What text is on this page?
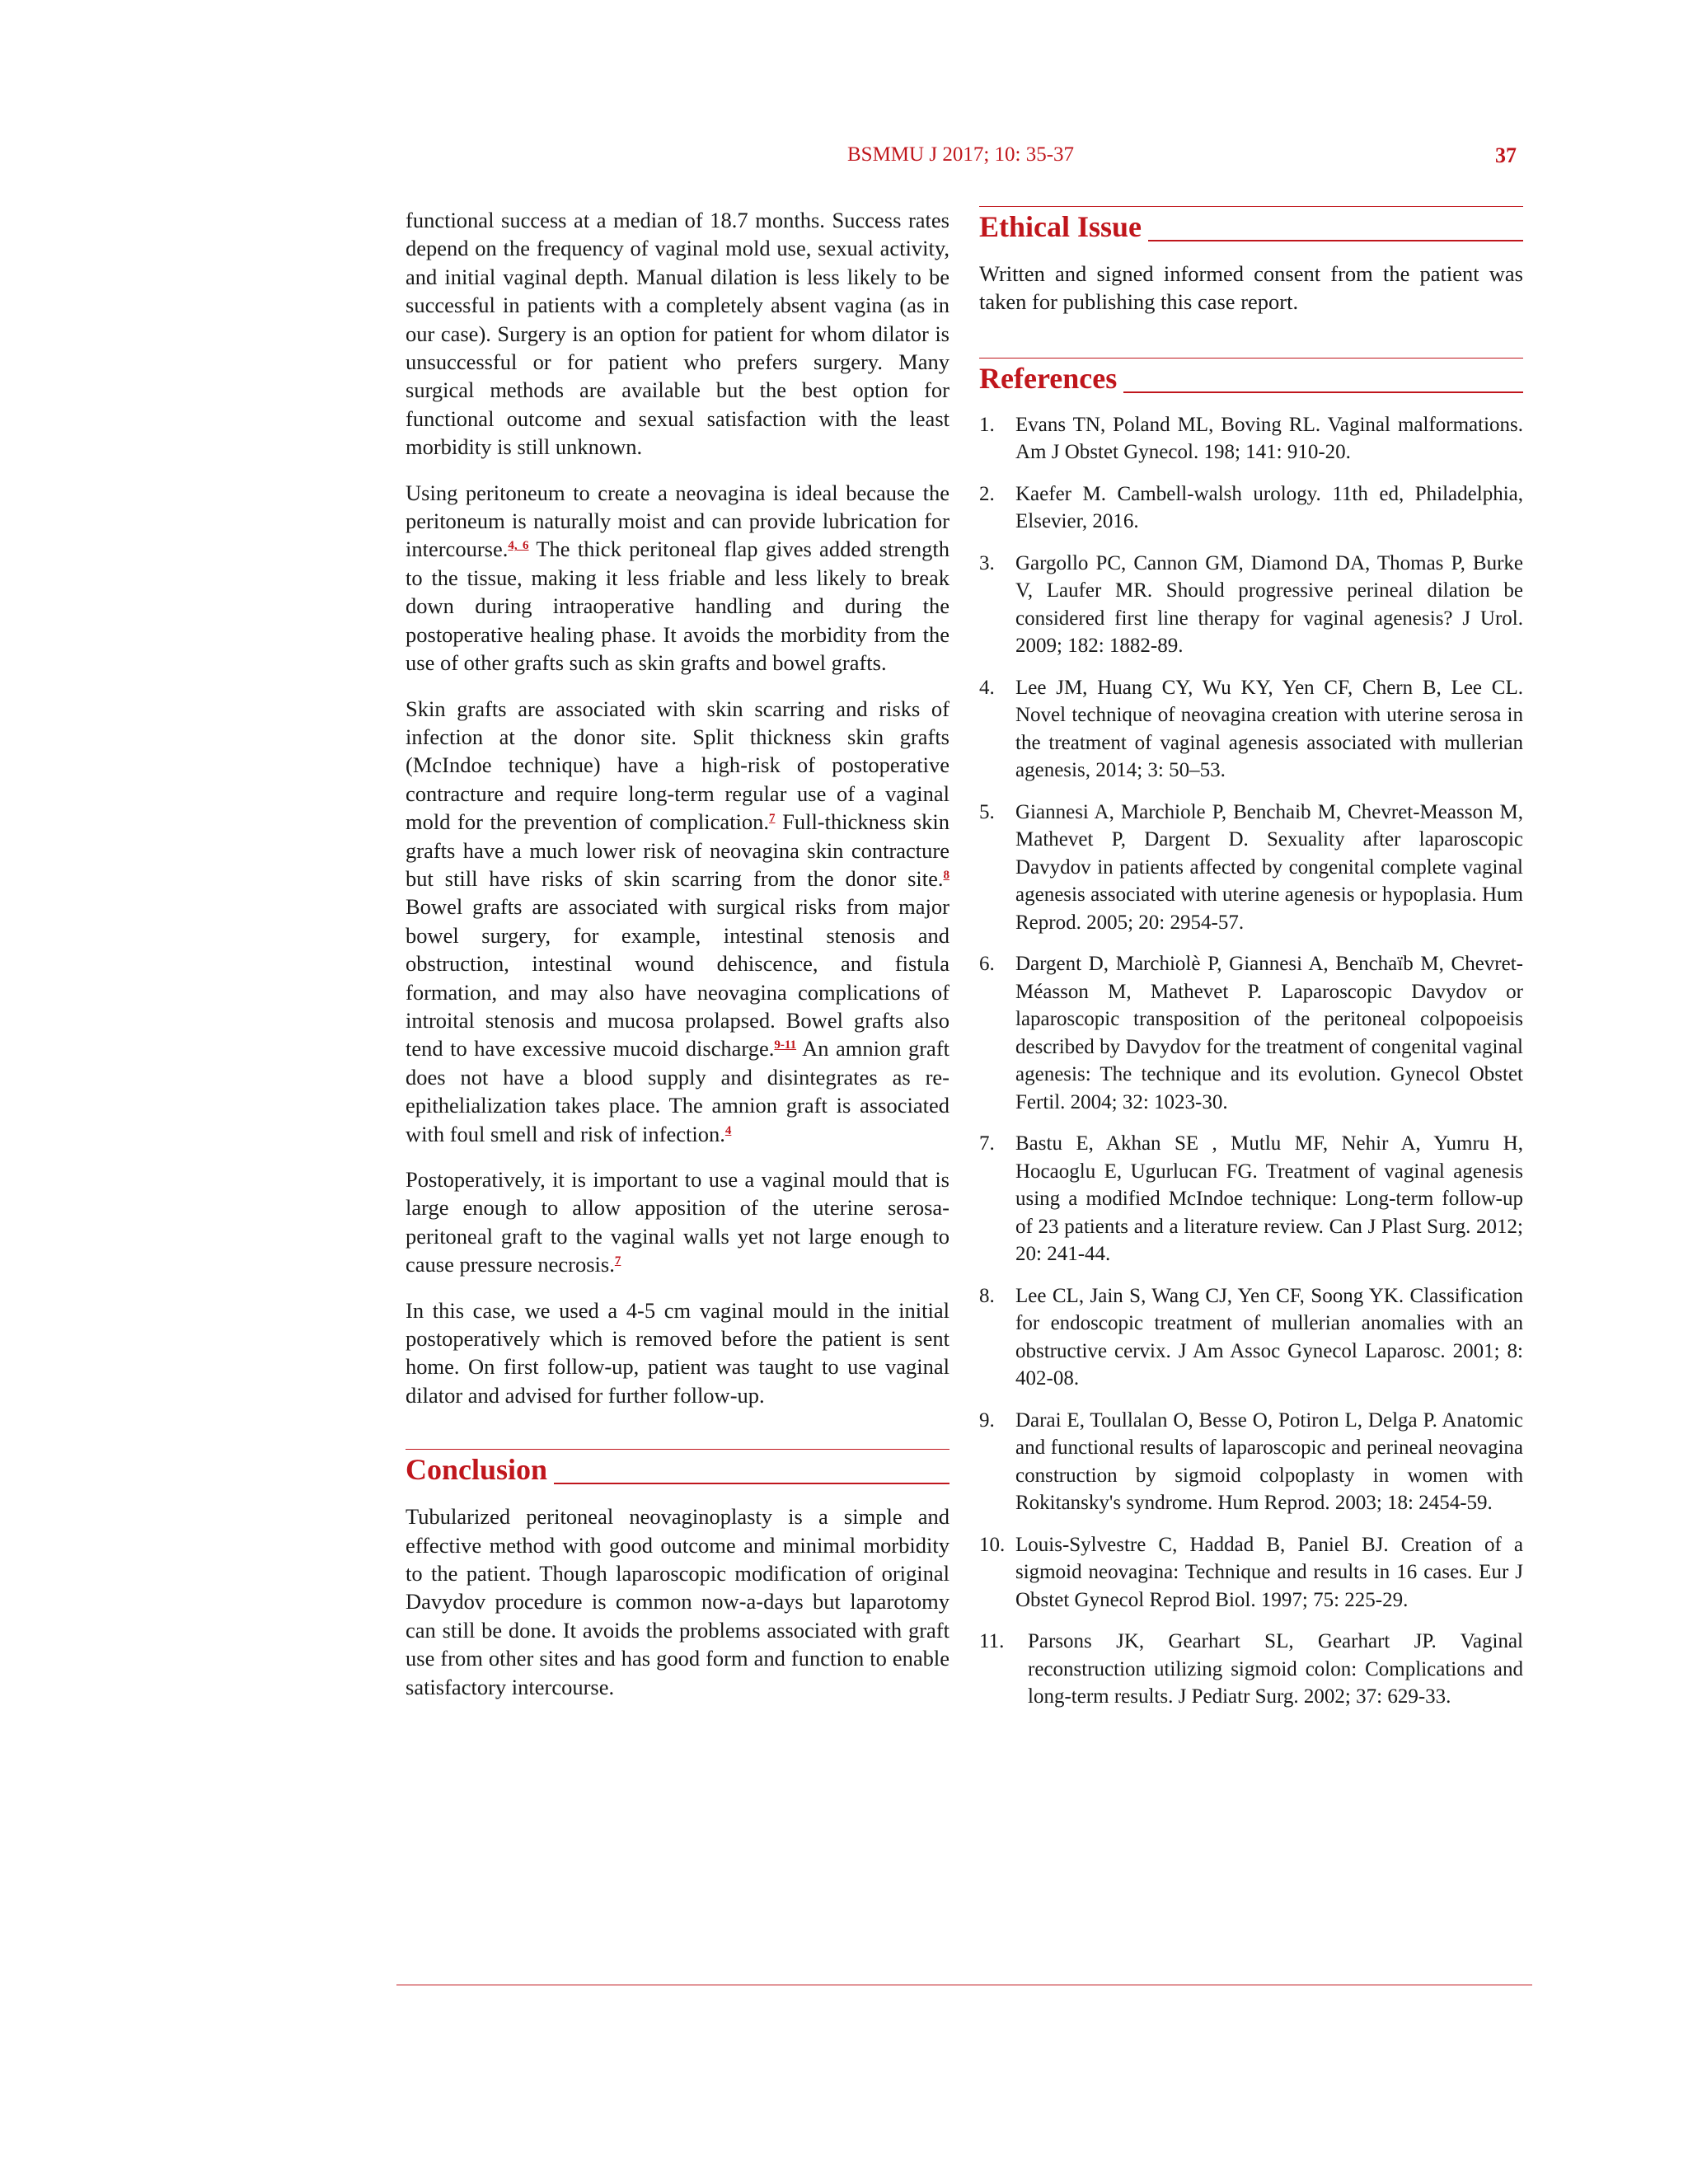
BSMMU J 2017; 10: 35-37	37

functional success at a median of 18.7 months. Success rates depend on the frequency of vaginal mold use, sexual activity, and initial vaginal depth. Manual dilation is less likely to be successful in patients with a completely absent vagina (as in our case). Surgery is an option for patient for whom dilator is unsuccessful or for patient who prefers surgery. Many surgical methods are available but the best option for functional outcome and sexual satisfaction with the least morbidity is still unknown.

Using peritoneum to create a neovagina is ideal because the peritoneum is naturally moist and can provide lubrication for intercourse.$^{4, 6}$ The thick peritoneal flap gives added strength to the tissue, making it less friable and less likely to break down during intraoperative handling and during the postoperative healing phase. It avoids the morbidity from the use of other grafts such as skin grafts and bowel grafts.

Skin grafts are associated with skin scarring and risks of infection at the donor site. Split thickness skin grafts (McIndoe technique) have a high-risk of postoperative contracture and require long-term regular use of a vaginal mold for the prevention of complication.$^7$ Full-thickness skin grafts have a much lower risk of neovagina skin contracture but still have risks of skin scarring from the donor site.$^8$ Bowel grafts are associated with surgical risks from major bowel surgery, for example, intestinal stenosis and obstruction, intestinal wound dehiscence, and fistula formation, and may also have neovagina complications of introital stenosis and mucosa prolapsed. Bowel grafts also tend to have excessive mucoid discharge.$^{9-11}$ An amnion graft does not have a blood supply and disintegrates as re-epithelialization takes place. The amnion graft is associated with foul smell and risk of infection.$^4$

Postoperatively, it is important to use a vaginal mould that is large enough to allow apposition of the uterine serosa-peritoneal graft to the vaginal walls yet not large enough to cause pressure necrosis.$^7$

In this case, we used a 4-5 cm vaginal mould in the initial postoperatively which is removed before the patient is sent home. On first follow-up, patient was taught to use vaginal dilator and advised for further follow-up.

Conclusion

Tubularized peritoneal neovaginoplasty is a simple and effective method with good outcome and minimal morbidity to the patient. Though laparoscopic modification of original Davydov procedure is common now-a-days but laparotomy can still be done. It avoids the problems associated with graft use from other sites and has good form and function to enable satisfactory intercourse.

Ethical Issue

Written and signed informed consent from the patient was taken for publishing this case report.

References
1. Evans TN, Poland ML, Boving RL. Vaginal malformations. Am J Obstet Gynecol. 198; 141: 910-20.
2. Kaefer M. Cambell-walsh urology. 11th ed, Philadelphia, Elsevier, 2016.
3. Gargollo PC, Cannon GM, Diamond DA, Thomas P, Burke V, Laufer MR. Should progressive perineal dilation be considered first line therapy for vaginal agenesis? J Urol. 2009; 182: 1882-89.
4. Lee JM, Huang CY, Wu KY, Yen CF, Chern B, Lee CL. Novel technique of neovagina creation with uterine serosa in the treatment of vaginal agenesis associated with mullerian agenesis, 2014; 3: 50–53.
5. Giannesi A, Marchiole P, Benchaib M, Chevret-Measson M, Mathevet P, Dargent D. Sexuality after laparoscopic Davydov in patients affected by congenital complete vaginal agenesis associated with uterine agenesis or hypoplasia. Hum Reprod. 2005; 20: 2954-57.
6. Dargent D, Marchiolè P, Giannesi A, Benchaïb M, Chevret-Méasson M, Mathevet P. Laparoscopic Davydov or laparoscopic transposition of the peritoneal colpopoeisis described by Davydov for the treatment of congenital vaginal agenesis: The technique and its evolution. Gynecol Obstet Fertil. 2004; 32: 1023-30.
7. Bastu E, Akhan SE , Mutlu MF, Nehir A, Yumru H, Hocaoglu E, Ugurlucan FG. Treatment of vaginal agenesis using a modified McIndoe technique: Long-term follow-up of 23 patients and a literature review. Can J Plast Surg. 2012; 20: 241-44.
8. Lee CL, Jain S, Wang CJ, Yen CF, Soong YK. Classification for endoscopic treatment of mullerian anomalies with an obstructive cervix. J Am Assoc Gynecol Laparosc. 2001; 8: 402-08.
9. Darai E, Toullalan O, Besse O, Potiron L, Delga P. Anatomic and functional results of laparoscopic and perineal neovagina construction by sigmoid colpoplasty in women with Rokitansky's syndrome. Hum Reprod. 2003; 18: 2454-59.
10. Louis-Sylvestre C, Haddad B, Paniel BJ. Creation of a sigmoid neovagina: Technique and results in 16 cases. Eur J Obstet Gynecol Reprod Biol. 1997; 75: 225-29.
11. Parsons JK, Gearhart SL, Gearhart JP. Vaginal reconstruction utilizing sigmoid colon: Complications and long-term results. J Pediatr Surg. 2002; 37: 629-33.
